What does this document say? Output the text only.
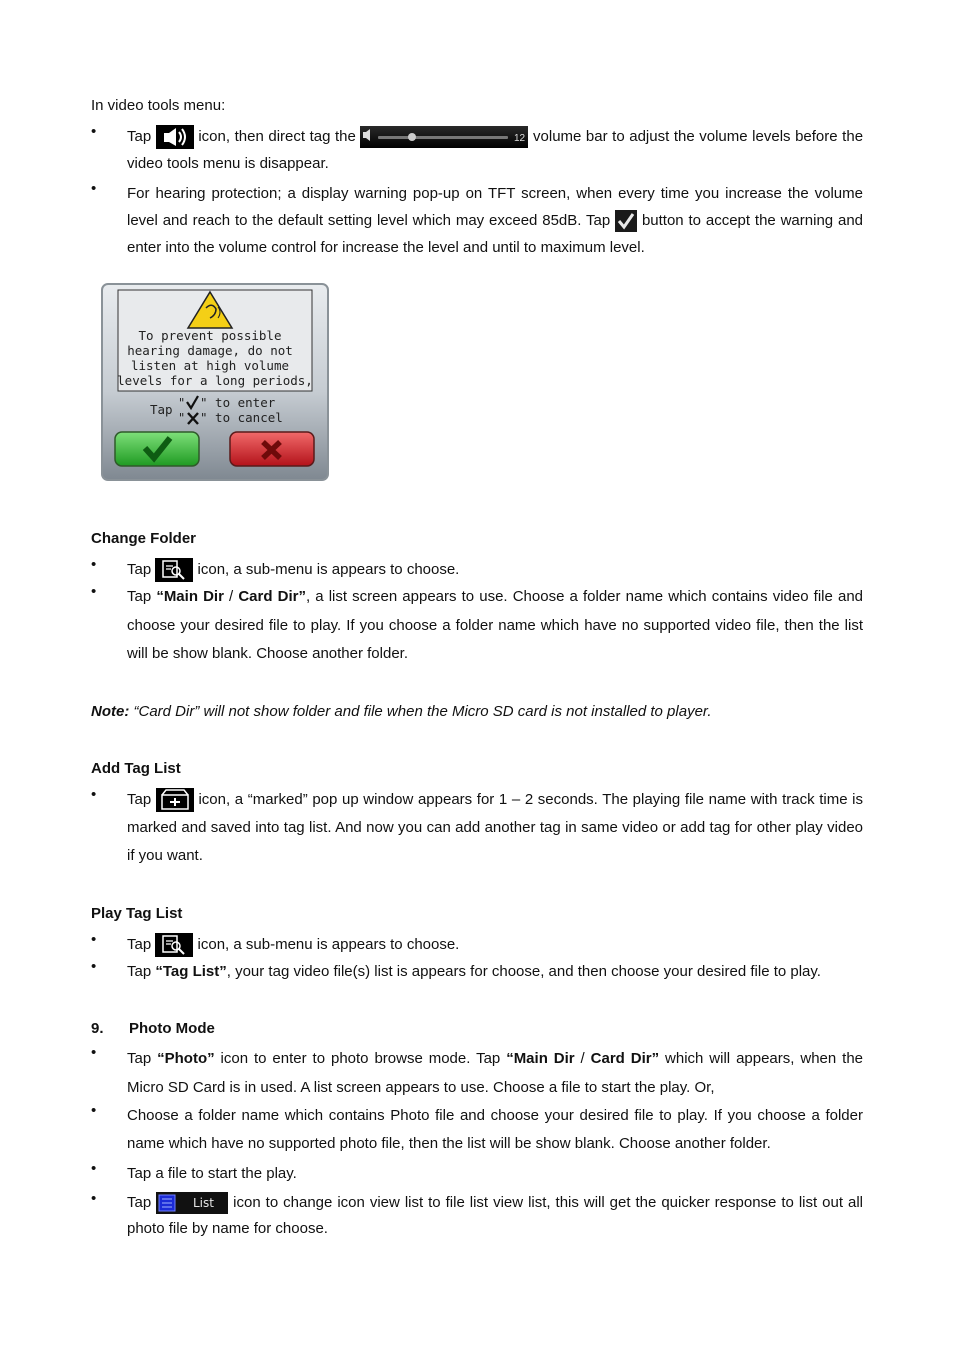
In video tools menu:
•	Tap	icon, then direct tag the	12 volume bar to adjust the volume levels before the video tools menu is disappear.
•	For hearing protection; a display warning pop-up on TFT screen, when every time you increase the volume level and reach to the default setting level which may exceed 85dB. Tap button to accept the warning and enter into the volume control for increase the level and until to maximum level.
To prevent possible
hearing damage, do not
listen at high volume
levels for a long periods,
Tap "
"
" to enter
" to cancel
Change Folder
•	Tap	icon, a sub-menu is appears to choose.
•	Tap “Main Dir / Card Dir”, a list screen appears to use. Choose a folder name which contains video file and choose your desired file to play. If you choose a folder name which have no supported video file, then the list will be show blank. Choose another folder.
Note: “Card Dir” will not show folder and file when the Micro SD card is not installed to player.
Add Tag List
•	Tap	icon, a “marked” pop up window appears for 1 – 2 seconds. The playing file name with track time is marked and saved into tag list. And now you can add another tag in same video or add tag for other play video if you want.
Play Tag List
•	Tap	icon, a sub-menu is appears to choose.
•	Tap “Tag List”, your tag video file(s) list is appears for choose, and then choose your desired file to play.
9. Photo Mode
•	Tap “Photo” icon to enter to photo browse mode. Tap “Main Dir / Card Dir” which will appears, when the Micro SD Card is in used. A list screen appears to use. Choose a file to start the play. Or,
•	Choose a folder name which contains Photo file and choose your desired file to play. If you choose a folder name which have no supported photo file, then the list will be show blank. Choose another folder.
•	Tap a file to start the play.
•	Tap	List icon to change icon view list to file list view list, this will get the quicker response to list out all photo file by name for choose.
